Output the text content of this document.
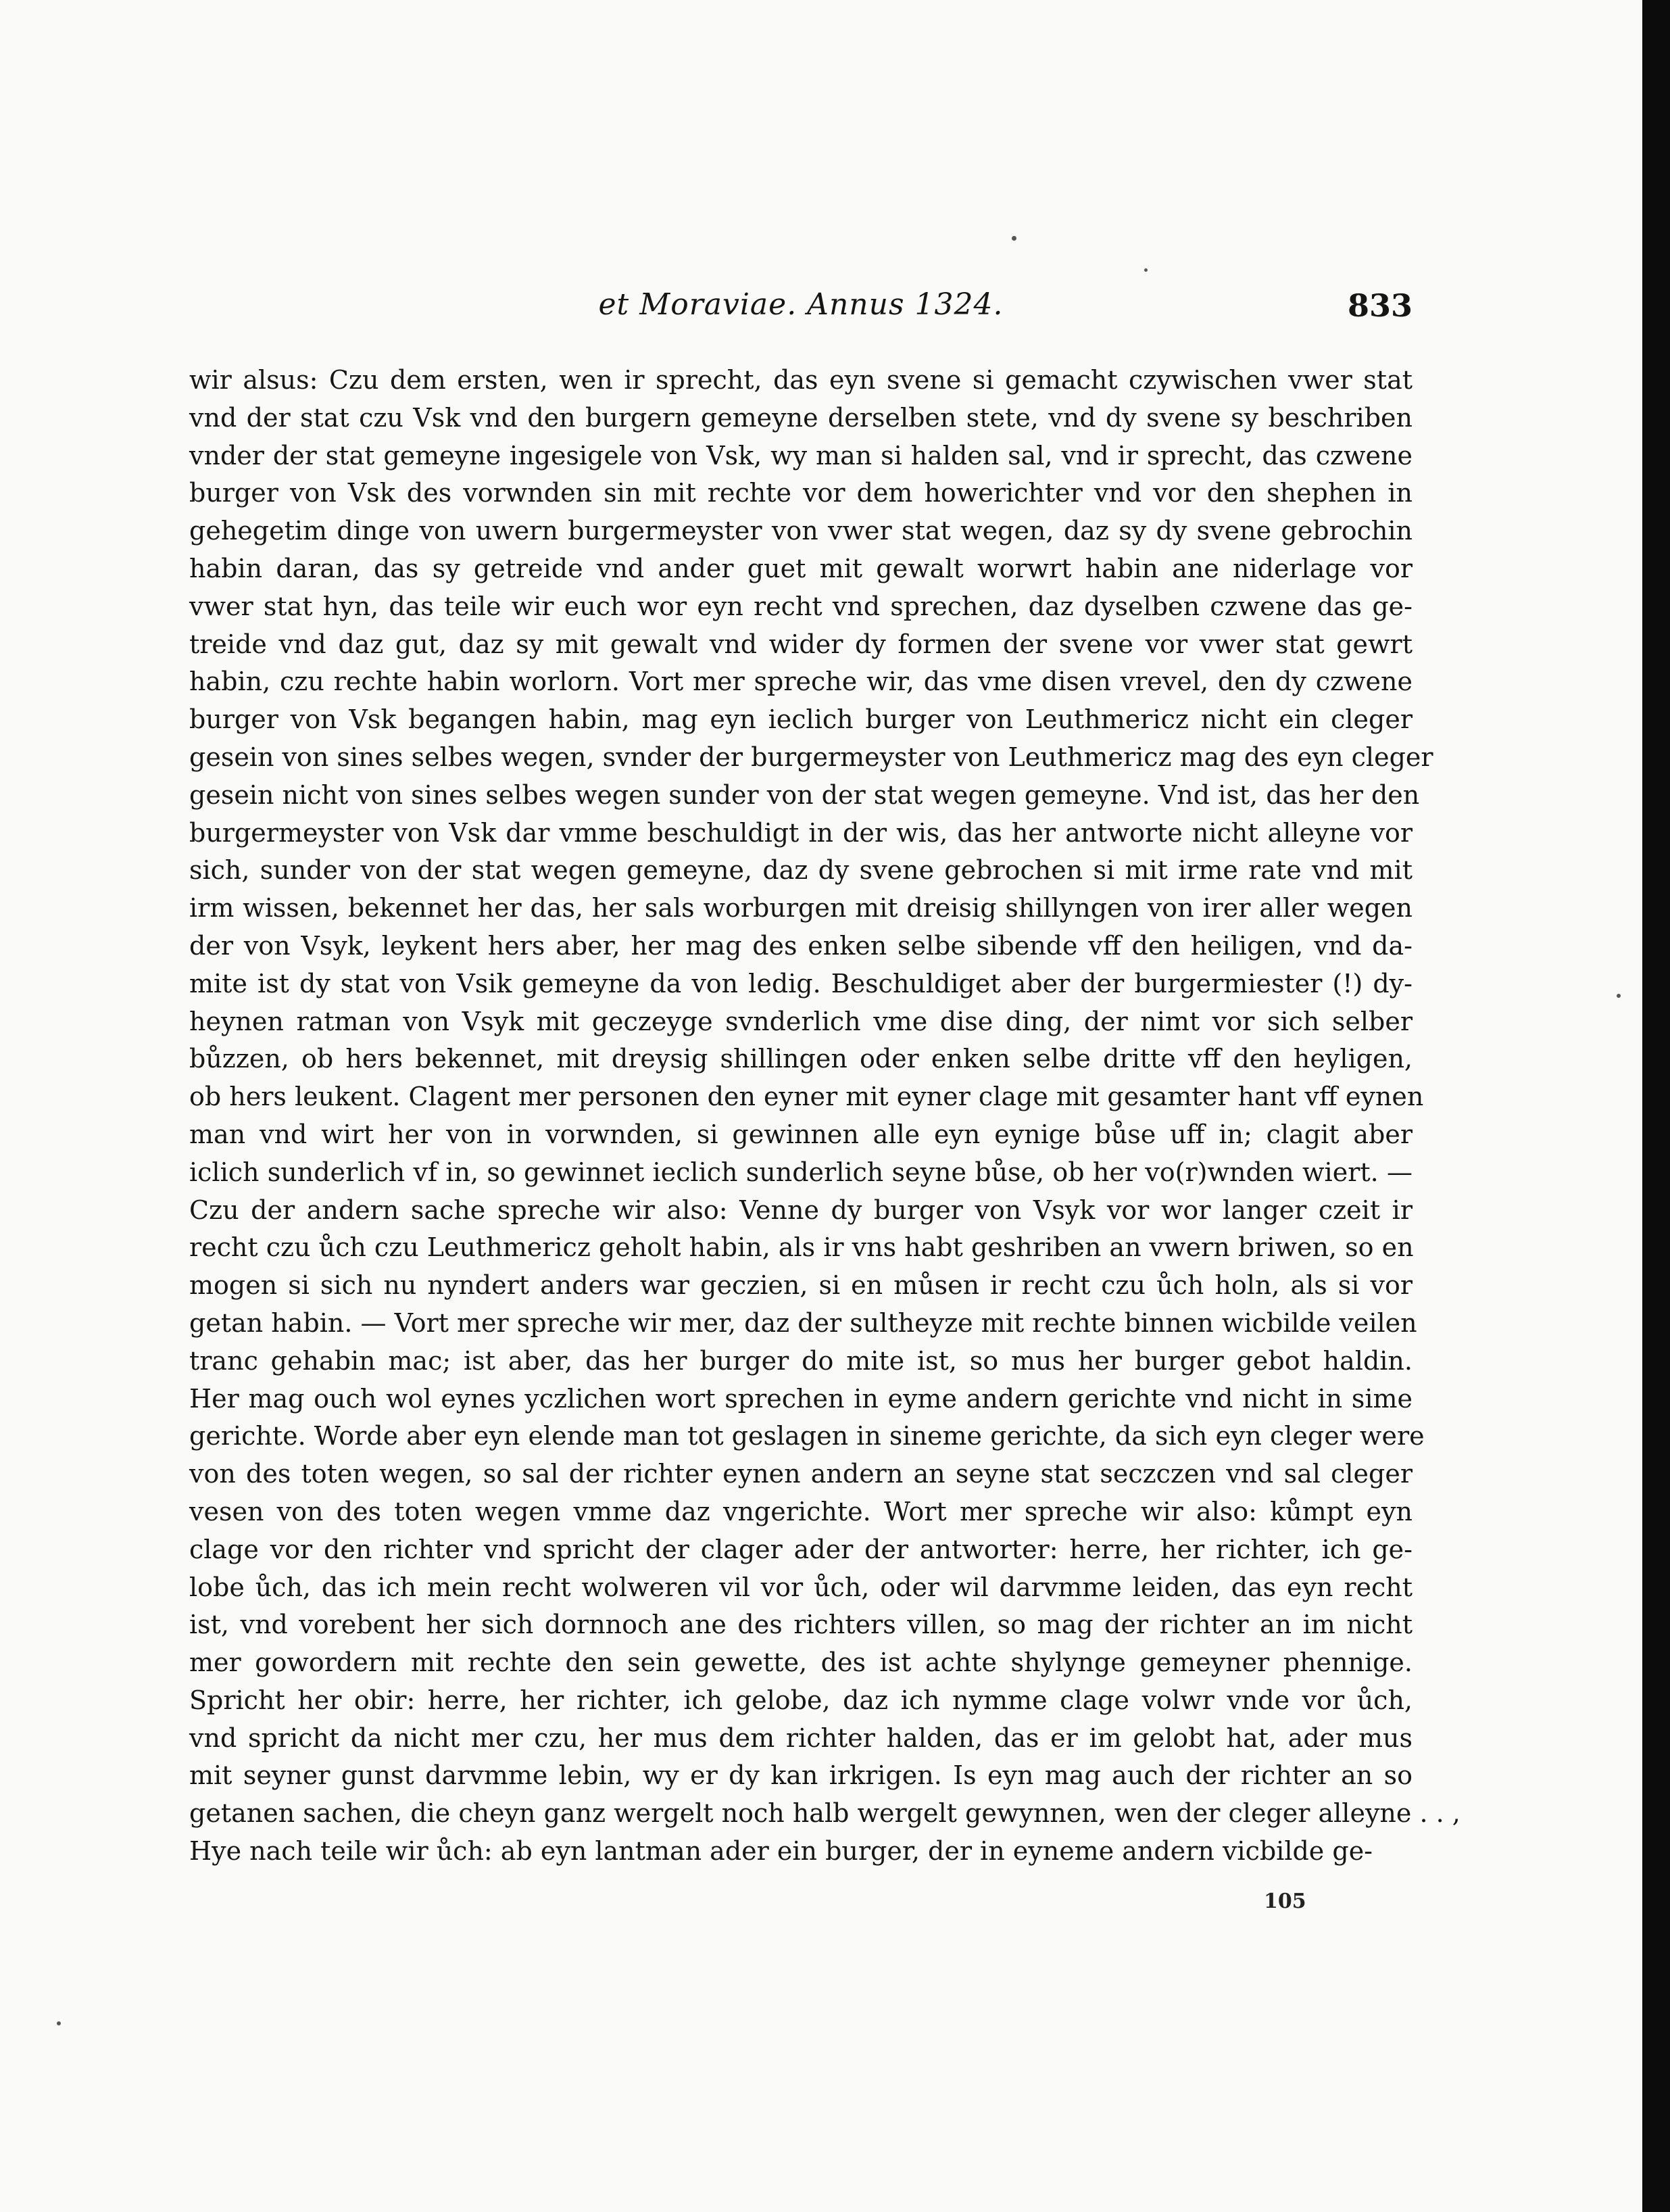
et Moraviae. Annus 1324.	833
wir alsus: Czu dem ersten, wen ir sprecht, das eyn svene si gemacht czywischen vwer stat
vnd der stat czu Vsk vnd den burgern gemeyne derselben stete, vnd dy svene sy beschriben
vnder der stat gemeyne ingesigele von Vsk, wy man si halden sal, vnd ir sprecht, das czwene
burger von Vsk des vorwnden sin mit rechte vor dem howerichter vnd vor den shephen in
gehegetim dinge von uwern burgermeyster von vwer stat wegen, daz sy dy svene gebrochin
habin daran, das sy getreide vnd ander guet mit gewalt worwrt habin ane niderlage vor
vwer stat hyn, das teile wir euch wor eyn recht vnd sprechen, daz dyselben czwene das ge-
treide vnd daz gut, daz sy mit gewalt vnd wider dy formen der svene vor vwer stat gewrt
habin, czu rechte habin worlorn. Vort mer spreche wir, das vme disen vrevel, den dy czwene
burger von Vsk begangen habin, mag eyn ieclich burger von Leuthmericz nicht ein cleger
gesein von sines selbes wegen, svnder der burgermeyster von Leuthmericz mag des eyn cleger
gesein nicht von sines selbes wegen sunder von der stat wegen gemeyne. Vnd ist, das her den
burgermeyster von Vsk dar vmme beschuldigt in der wis, das her antworte nicht alleyne vor
sich, sunder von der stat wegen gemeyne, daz dy svene gebrochen si mit irme rate vnd mit
irm wissen, bekennet her das, her sals worburgen mit dreisig shillyngen von irer aller wegen
der von Vsyk, leykent hers aber, her mag des enken selbe sibende vff den heiligen, vnd da-
mite ist dy stat von Vsik gemeyne da von ledig. Beschuldiget aber der burgermiester (!) dy-
heynen ratman von Vsyk mit geczeyge svnderlich vme dise ding, der nimt vor sich selber
bůzzen, ob hers bekennet, mit dreysig shillingen oder enken selbe dritte vff den heyligen,
ob hers leukent. Clagent mer personen den eyner mit eyner clage mit gesamter hant vff eynen
man vnd wirt her von in vorwnden, si gewinnen alle eyn eynige bůse uff in; clagit aber
iclich sunderlich vf in, so gewinnet ieclich sunderlich seyne bůse, ob her vo(r)wnden wiert. —
Czu der andern sache spreche wir also: Venne dy burger von Vsyk vor wor langer czeit ir
recht czu ůch czu Leuthmericz geholt habin, als ir vns habt geshriben an vwern briwen, so en
mogen si sich nu nyndert anders war geczien, si en můsen ir recht czu ůch holn, als si vor
getan habin. — Vort mer spreche wir mer, daz der sultheyze mit rechte binnen wicbilde veilen
tranc gehabin mac; ist aber, das her burger do mite ist, so mus her burger gebot haldin.
Her mag ouch wol eynes yczlichen wort sprechen in eyme andern gerichte vnd nicht in sime
gerichte. Worde aber eyn elende man tot geslagen in sineme gerichte, da sich eyn cleger were
von des toten wegen, so sal der richter eynen andern an seyne stat seczczen vnd sal cleger
vesen von des toten wegen vmme daz vngerichte. Wort mer spreche wir also: kůmpt eyn
clage vor den richter vnd spricht der clager ader der antworter: herre, her richter, ich ge-
lobe ůch, das ich mein recht wolweren vil vor ůch, oder wil darvmme leiden, das eyn recht
ist, vnd vorebent her sich dornnoch ane des richters villen, so mag der richter an im nicht
mer gowordern mit rechte den sein gewette, des ist achte shylynge gemeyner phennige.
Spricht her obir: herre, her richter, ich gelobe, daz ich nymme clage volwr vnde vor ůch,
vnd spricht da nicht mer czu, her mus dem richter halden, das er im gelobt hat, ader mus
mit seyner gunst darvmme lebin, wy er dy kan irkrigen. Is eyn mag auch der richter an so
getanen sachen, die cheyn ganz wergelt noch halb wergelt gewynnen, wen der cleger alleyne . . ,
Hye nach teile wir ůch: ab eyn lantman ader ein burger, der in eyneme andern vicbilde ge-
105
